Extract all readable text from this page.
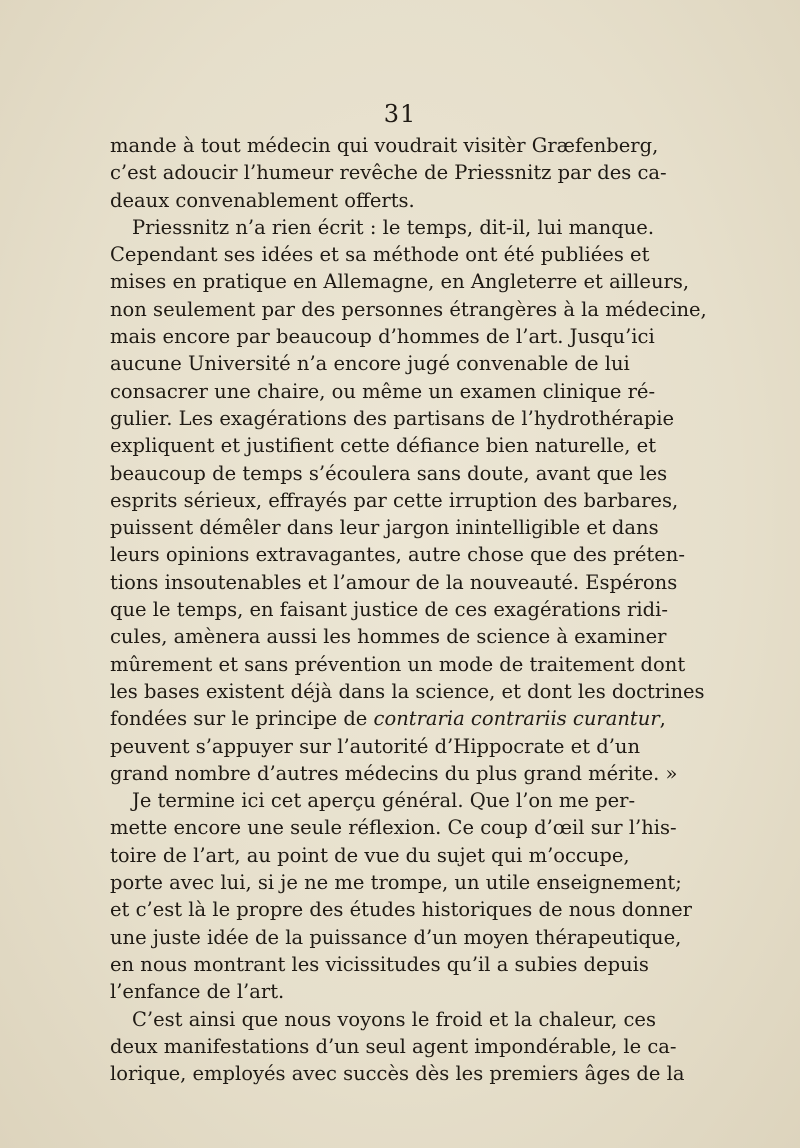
31
mande à tout médecin qui voudrait visitèr Græfenberg,
c’est adoucir l’humeur revêche de Priessnitz par des ca-
deaux convenablement offerts.
Priessnitz n’a rien écrit : le temps, dit-il, lui manque.
Cependant ses idées et sa méthode ont été publiées et
mises en pratique en Allemagne, en Angleterre et ailleurs,
non seulement par des personnes étrangères à la médecine,
mais encore par beaucoup d’hommes de l’art. Jusqu’ici
aucune Université n’a encore jugé convenable de lui
consacrer une chaire, ou même un examen clinique ré-
gulier. Les exagérations des partisans de l’hydrothérapie
expliquent et justifient cette défiance bien naturelle, et
beaucoup de temps s’écoulera sans doute, avant que les
esprits sérieux, effrayés par cette irruption des barbares,
puissent démêler dans leur jargon inintelligible et dans
leurs opinions extravagantes, autre chose que des préten-
tions insoutenables et l’amour de la nouveauté. Espérons
que le temps, en faisant justice de ces exagérations ridi-
cules, amènera aussi les hommes de science à examiner
mûrement et sans prévention un mode de traitement dont
les bases existent déjà dans la science, et dont les doctrines
fondées sur le principe de contraria contrariis curantur,
peuvent s’appuyer sur l’autorité d’Hippocrate et d’un
grand nombre d’autres médecins du plus grand mérite. »
Je termine ici cet aperçu général. Que l’on me per-
mette encore une seule réflexion. Ce coup d’œil sur l’his-
toire de l’art, au point de vue du sujet qui m’occupe,
porte avec lui, si je ne me trompe, un utile enseignement;
et c’est là le propre des études historiques de nous donner
une juste idée de la puissance d’un moyen thérapeutique,
en nous montrant les vicissitudes qu’il a subies depuis
l’enfance de l’art.
C’est ainsi que nous voyons le froid et la chaleur, ces
deux manifestations d’un seul agent impondérable, le ca-
lorique, employés avec succès dès les premiers âges de la
